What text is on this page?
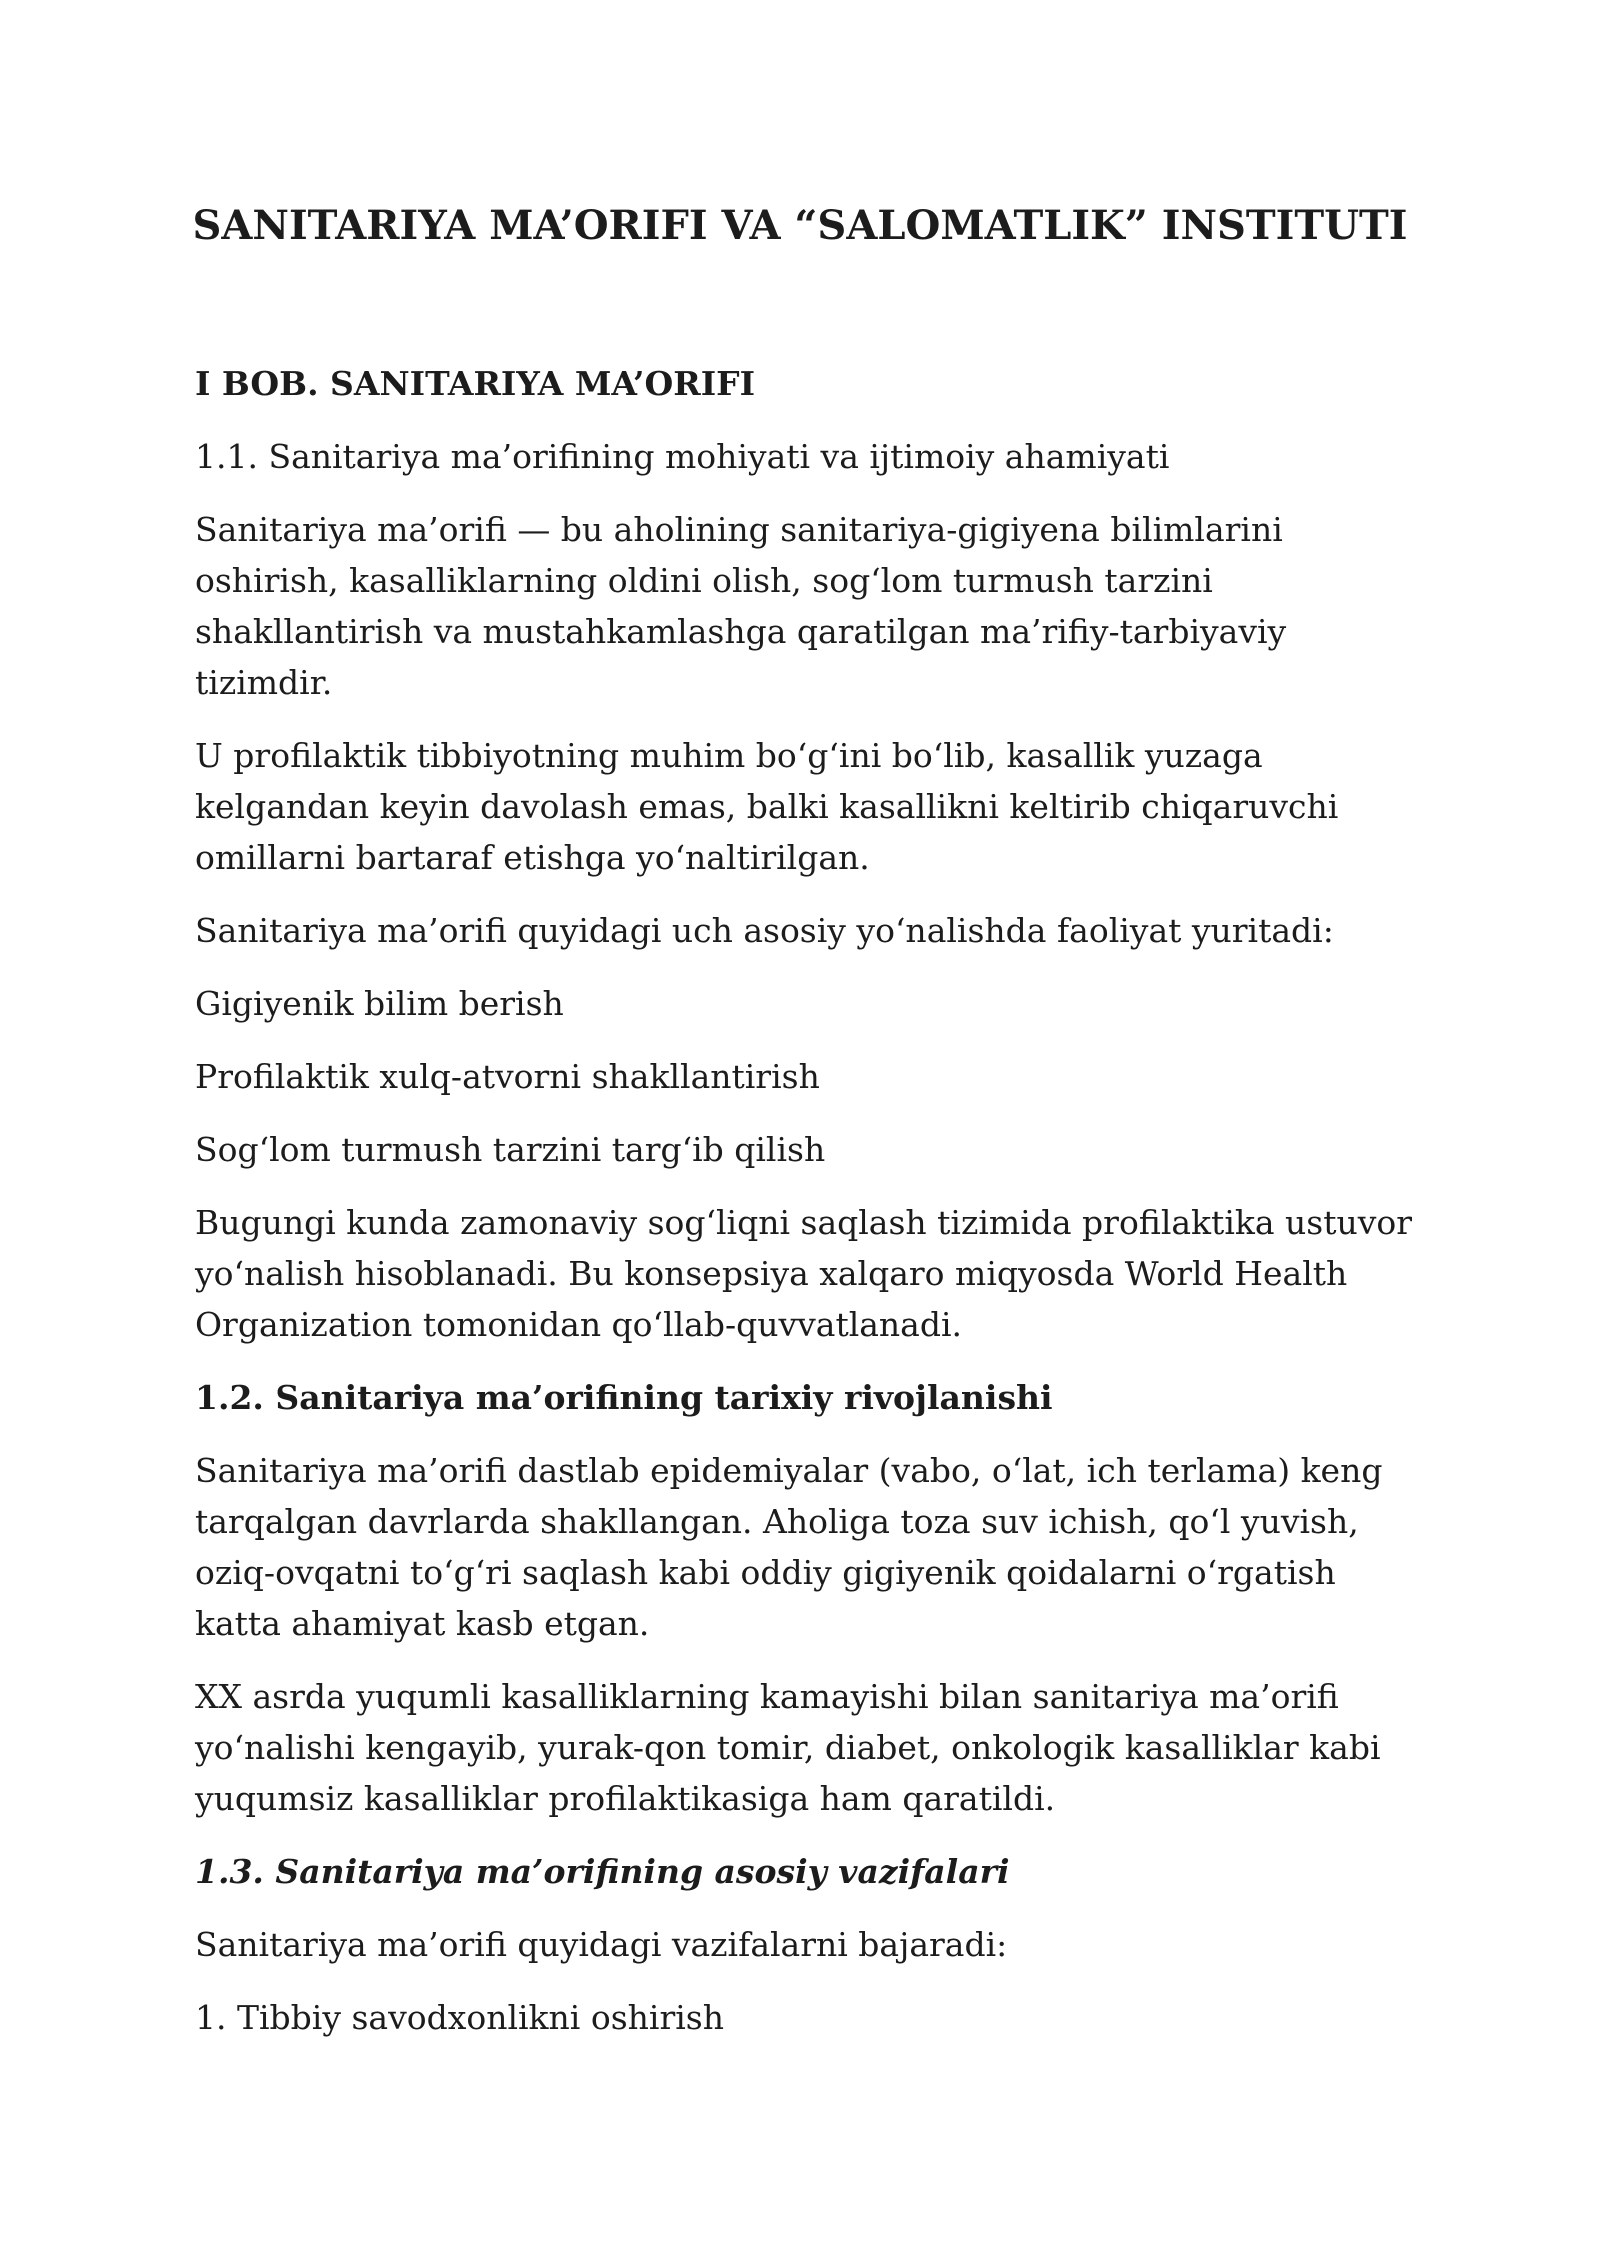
SANITARIYA MA’ORIFI VA “SALOMATLIK” INSTITUTI

I BOB. SANITARIYA MA’ORIFI

1.1. Sanitariya ma’orifining mohiyati va ijtimoiy ahamiyati

Sanitariya ma’orifi — bu aholining sanitariya-gigiyena bilimlarini oshirish, kasalliklarning oldini olish, sog‘lom turmush tarzini shakllantirish va mustahkamlashga qaratilgan ma’rifiy-tarbiyaviy tizimdir.

U profilaktik tibbiyotning muhim bo‘g‘ini bo‘lib, kasallik yuzaga kelgandan keyin davolash emas, balki kasallikni keltirib chiqaruvchi omillarni bartaraf etishga yo‘naltirilgan.

Sanitariya ma’orifi quyidagi uch asosiy yo‘nalishda faoliyat yuritadi:

Gigiyenik bilim berish

Profilaktik xulq-atvorni shakllantirish

Sog‘lom turmush tarzini targ‘ib qilish

Bugungi kunda zamonaviy sog‘liqni saqlash tizimida profilaktika ustuvor yo‘nalish hisoblanadi. Bu konsepsiya xalqaro miqyosda World Health Organization tomonidan qo‘llab-quvvatlanadi.

1.2. Sanitariya ma’orifining tarixiy rivojlanishi

Sanitariya ma’orifi dastlab epidemiyalar (vabo, o‘lat, ich terlama) keng tarqalgan davrlarda shakllangan. Aholiga toza suv ichish, qo‘l yuvish, oziq-ovqatni to‘g‘ri saqlash kabi oddiy gigiyenik qoidalarni o‘rgatish katta ahamiyat kasb etgan.

XX asrda yuqumli kasalliklarning kamayishi bilan sanitariya ma’orifi yo‘nalishi kengayib, yurak-qon tomir, diabet, onkologik kasalliklar kabi yuqumsiz kasalliklar profilaktikasiga ham qaratildi.

1.3. Sanitariya ma’orifining asosiy vazifalari

Sanitariya ma’orifi quyidagi vazifalarni bajaradi:

1. Tibbiy savodxonlikni oshirish
